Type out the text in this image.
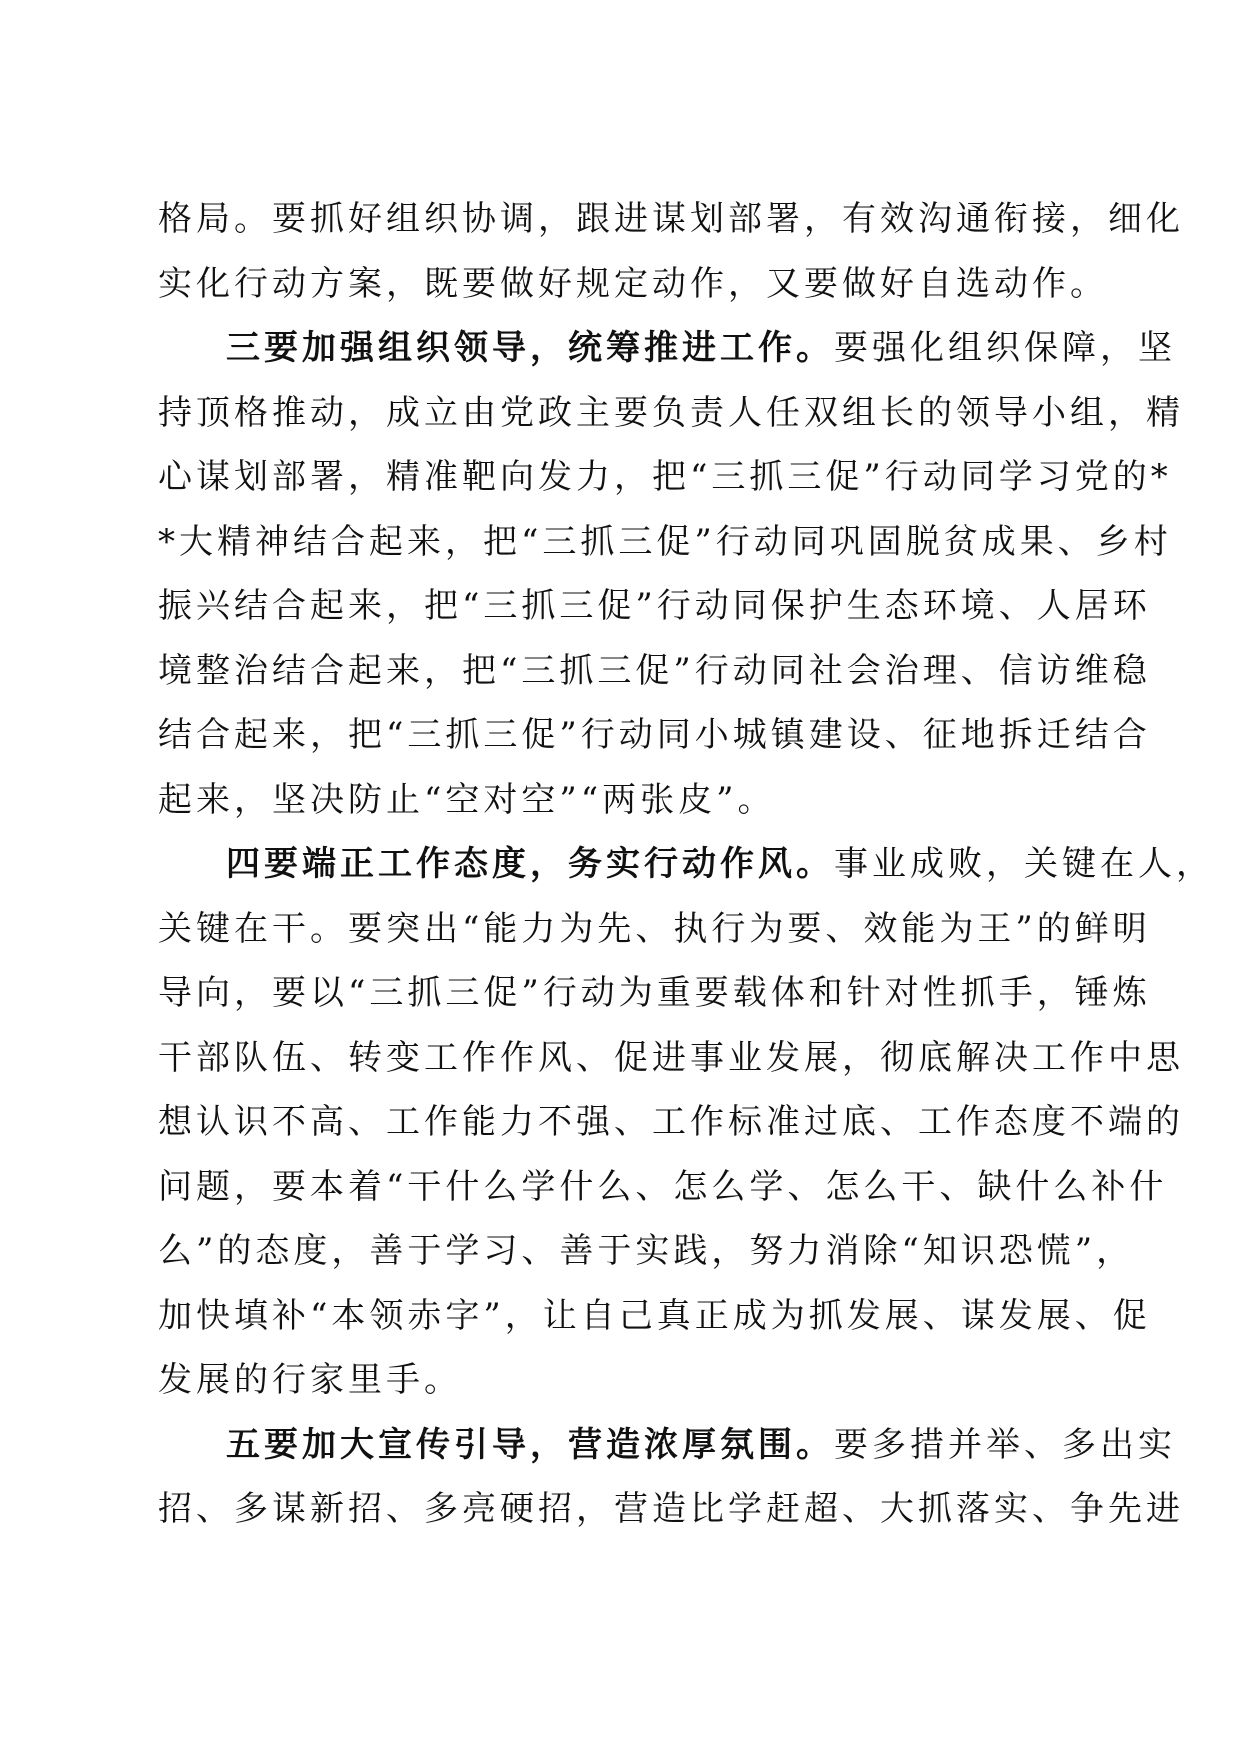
格局。要抓好组织协调，跟进谋划部署，有效沟通衔接，细化
实化行动方案，既要做好规定动作，又要做好自选动作。
三要加强组织领导，统筹推进工作。要强化组织保障，坚
持顶格推动，成立由党政主要负责人任双组长的领导小组，精
心谋划部署，精准靶向发力，把“三抓三促”行动同学习党的*
*大精神结合起来，把“三抓三促”行动同巩固脱贫成果、乡村
振兴结合起来，把“三抓三促”行动同保护生态环境、人居环
境整治结合起来，把“三抓三促”行动同社会治理、信访维稳
结合起来，把“三抓三促”行动同小城镇建设、征地拆迁结合
起来，坚决防止“空对空”“两张皮”。
四要端正工作态度，务实行动作风。事业成败，关键在人，
关键在干。要突出“能力为先、执行为要、效能为王”的鲜明
导向，要以“三抓三促”行动为重要载体和针对性抓手，锤炼
干部队伍、转变工作作风、促进事业发展，彻底解决工作中思
想认识不高、工作能力不强、工作标准过底、工作态度不端的
问题，要本着“干什么学什么、怎么学、怎么干、缺什么补什
么”的态度，善于学习、善于实践，努力消除“知识恐慌”，
加快填补“本领赤字”，让自己真正成为抓发展、谋发展、促
发展的行家里手。
五要加大宣传引导，营造浓厚氛围。要多措并举、多出实
招、多谋新招、多亮硬招，营造比学赶超、大抓落实、争先进
